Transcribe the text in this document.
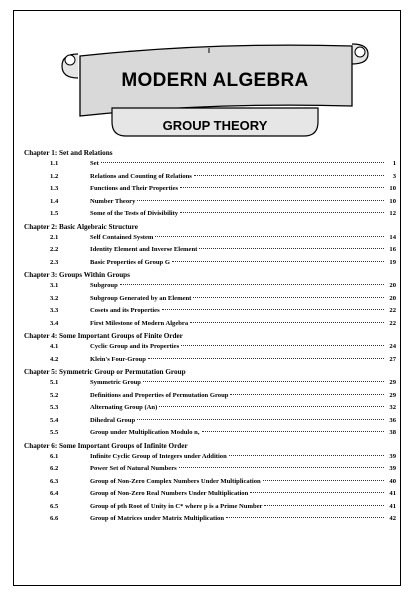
MODERN ALGEBRA
GROUP THEORY
Chapter 1: Set and Relations
1.1	Set	1
1.2	Relations and Counting of Relations	3
1.3	Functions and Their Properties	10
1.4	Number Theory	10
1.5	Some of the Tests of Divisibility	12
Chapter 2: Basic Algebraic Structure
2.1	Self Contained System	14
2.2	Identity Element and Inverse Element	16
2.3	Basic Properties of Group G	19
Chapter 3: Groups Within Groups
3.1	Subgroup	20
3.2	Subgroup Generated by an Element	20
3.3	Cosets and its Properties	22
3.4	First Milestone of Modern Algebra	22
Chapter 4: Some Important Groups of Finite Order
4.1	Cyclic Group and its Properties	24
4.2	Klein's Four-Group	27
Chapter 5: Symmetric Group or Permutation Group
5.1	Symmetric Group	29
5.2	Definitions and Properties of Permutation Group	29
5.3	Alternating Group (An)	32
5.4	Dihedral Group	36
5.5	Group under Multiplication Modulo n,	38
Chapter 6: Some Important Groups of Infinite Order
6.1	Infinite Cyclic Group of Integers under Addition	39
6.2	Power Set of Natural Numbers	39
6.3	Group of Non-Zero Complex Numbers Under Multiplication	40
6.4	Group of Non-Zero Real Numbers Under Multiplication	41
6.5	Group of pth Root of Unity in C* where p is a Prime Number	41
6.6	Group of Matrices under Matrix Multiplication	42
